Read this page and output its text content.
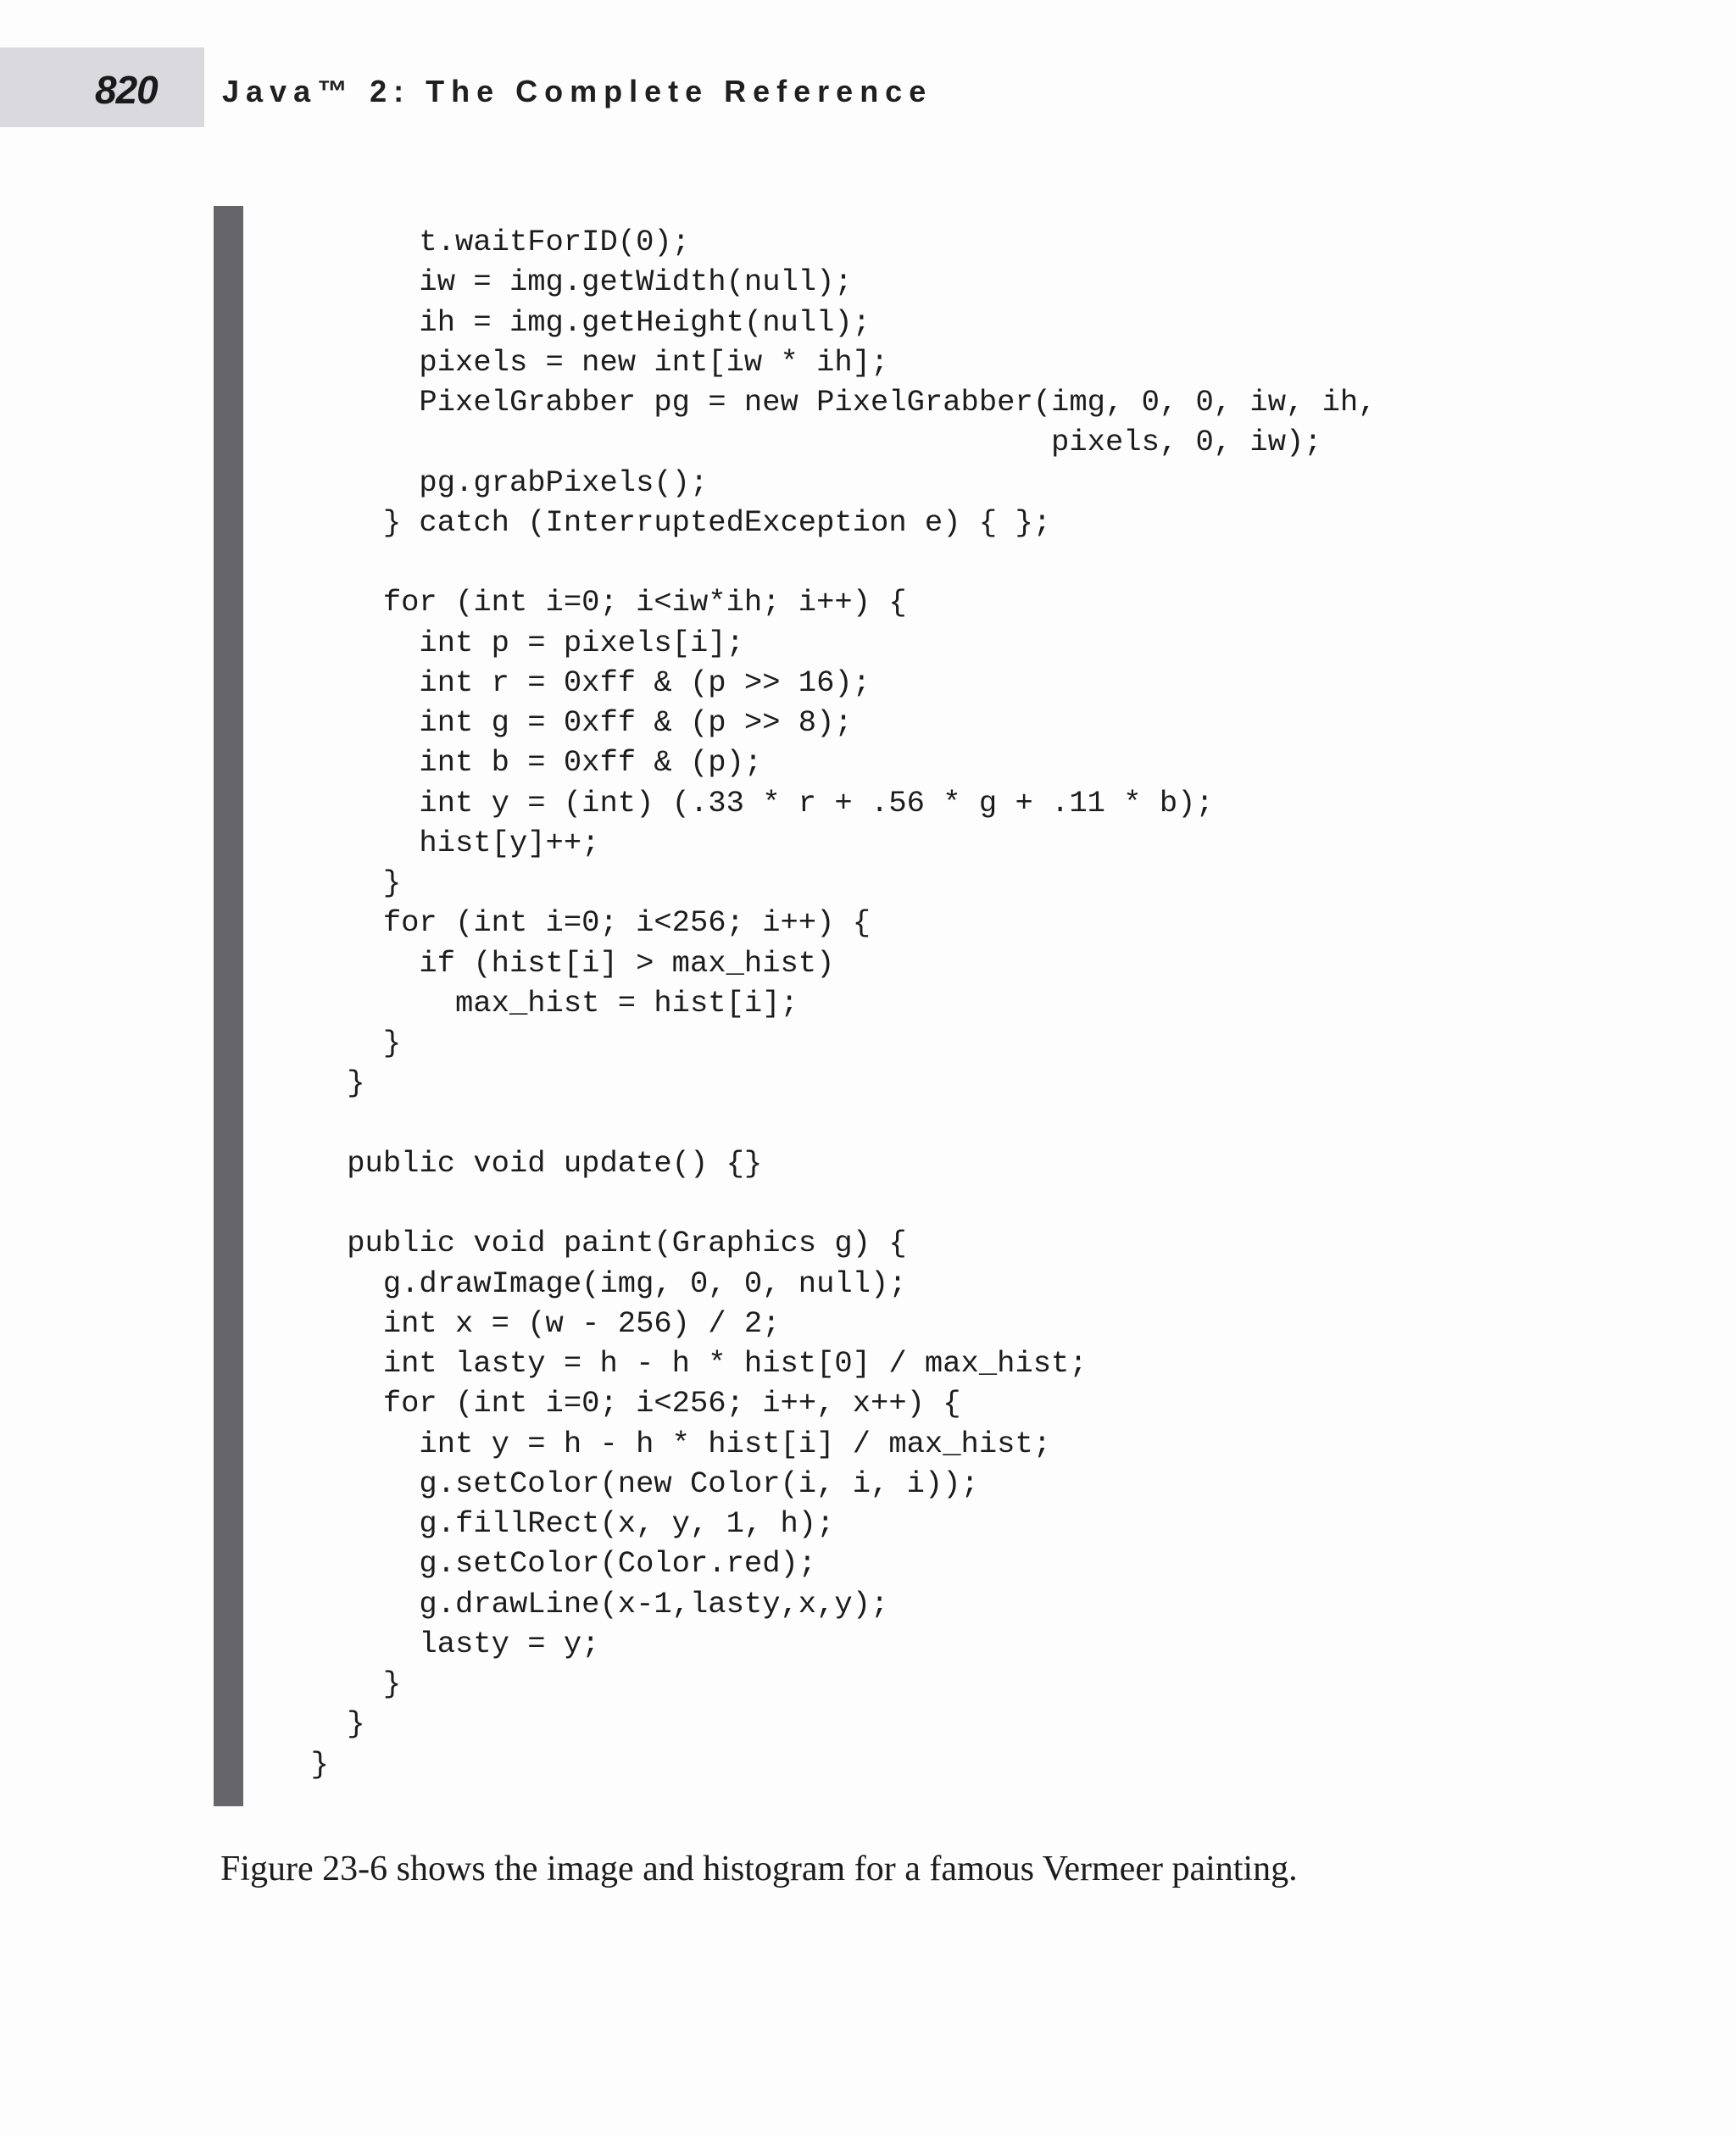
820 Java™ 2: The Complete Reference
t.waitForID(0);
iw = img.getWidth(null);
ih = img.getHeight(null);
pixels = new int[iw * ih];
PixelGrabber pg = new PixelGrabber(img, 0, 0, iw, ih,
pixels, 0, iw);
pg.grabPixels();
} catch (InterruptedException e) { };

for (int i=0; i<iw*ih; i++) {
int p = pixels[i];
int r = 0xff & (p >> 16);
int g = 0xff & (p >> 8);
int b = 0xff & (p);
int y = (int) (.33 * r + .56 * g + .11 * b);
hist[y]++;
}
for (int i=0; i<256; i++) {
if (hist[i] > max_hist)
max_hist = hist[i];
}
}

public void update() {}

public void paint(Graphics g) {
g.drawImage(img, 0, 0, null);
int x = (w - 256) / 2;
int lasty = h - h * hist[0] / max_hist;
for (int i=0; i<256; i++, x++) {
int y = h - h * hist[i] / max_hist;
g.setColor(new Color(i, i, i));
g.fillRect(x, y, 1, h);
g.setColor(Color.red);
g.drawLine(x-1,lasty,x,y);
lasty = y;
}
}
}

Figure 23-6 shows the image and histogram for a famous Vermeer painting.
